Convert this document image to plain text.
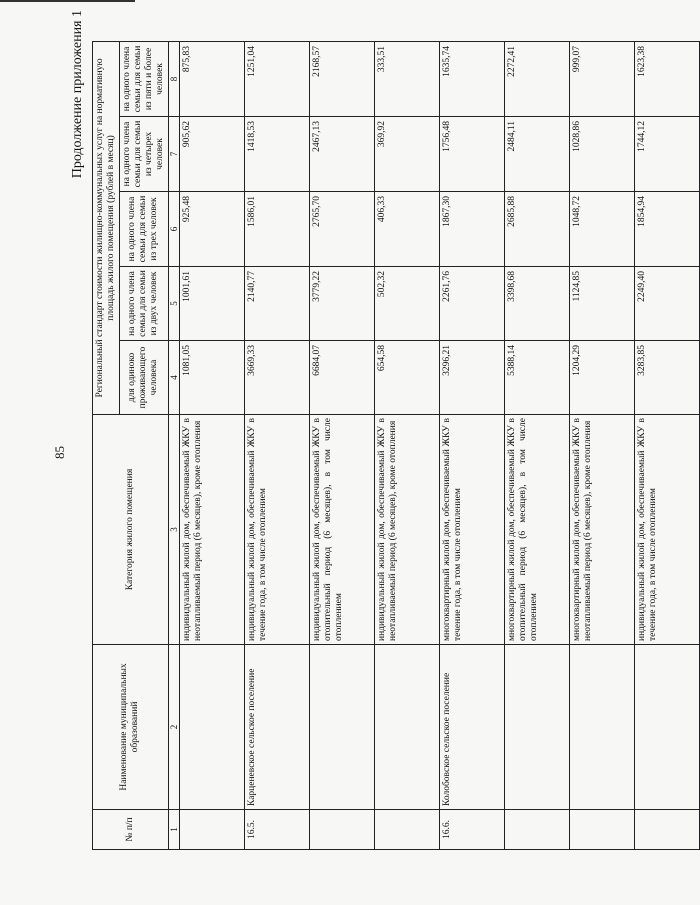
85
Продолжение приложения 1
№ п/п	Наименование муниципальных образований	Категория жилого помещения	Региональный стандарт стоимости жилищно-коммунальных услуг на нормативную площадь жилого помещения (рублей в месяц)				
			для одиноко проживающего человека	на одного члена семьи для семьи из двух человек	на одного члена семьи для семьи из трех человек	на одного члена семьи для семьи из четырех человек	на одного члена семьи для семьи из пяти и более человек
1	2	3	4	5	6	7	8
		индивидуальный жилой дом, обеспечиваемый ЖКУ в неотапливаемый период (6 месяцев), кроме отопления	1081,05	1001,61	925,48	905,62	875,83
16.5.	Карценевское сельское поселение	индивидуальный жилой дом, обеспечиваемый ЖКУ в течение года, в том числе отоплением	3669,33	2140,77	1586,01	1418,53	1251,04
		индивидуальный жилой дом, обеспечиваемый ЖКУ в отопительный период (6 месяцев), в том числе отоплением	6684,07	3779,22	2765,70	2467,13	2168,57
		индивидуальный жилой дом, обеспечиваемый ЖКУ в неотапливаемый период (6 месяцев), кроме отопления	654,58	502,32	406,33	369,92	333,51
16.6.	Колобовское сельское поселение	многоквартирный жилой дом, обеспечиваемый ЖКУ в течение года, в том числе отоплением	3296,21	2261,76	1867,30	1756,48	1635,74
		многоквартирный жилой дом, обеспечиваемый ЖКУ в отопительный период (6 месяцев), в том числе отоплением	5388,14	3398,68	2685,88	2484,11	2272,41
		многоквартирный жилой дом, обеспечиваемый ЖКУ в неотапливаемый период (6 месяцев), кроме отопления	1204,29	1124,85	1048,72	1028,86	999,07
		индивидуальный жилой дом, обеспечиваемый ЖКУ в течение года, в том числе отоплением	3283,85	2249,40	1854,94	1744,12	1623,38
